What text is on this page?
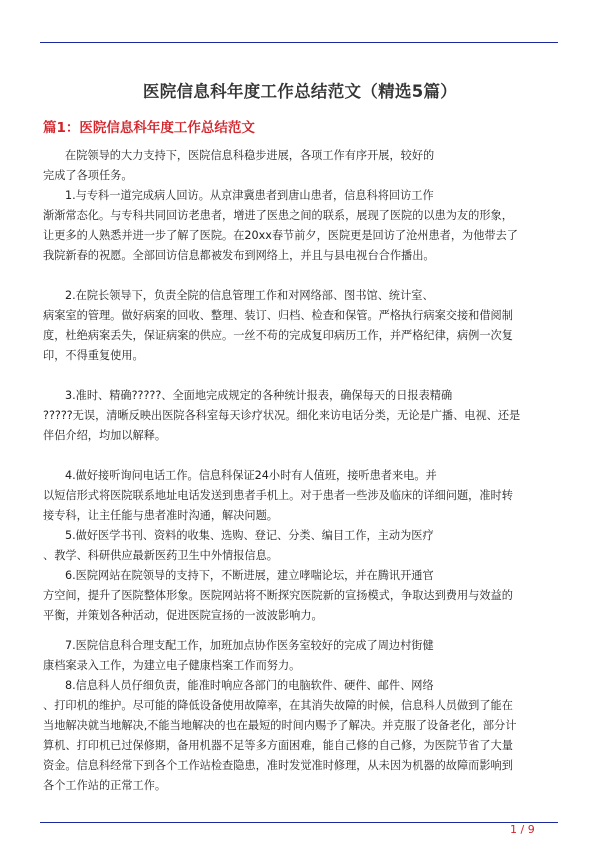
医院信息科年度工作总结范文（精选5篇）
篇1：医院信息科年度工作总结范文
在院领导的大力支持下，医院信息科稳步进展，各项工作有序开展，较好的
完成了各项任务。
1.与专科一道完成病人回访。从京津冀患者到唐山患者，信息科将回访工作
渐渐常态化。与专科共同回访老患者，增进了医患之间的联系，展现了医院的以患为友的形象，
让更多的人熟悉并进一步了解了医院。在20xx春节前夕，医院更是回访了沧州患者，为他带去了
我院新春的祝愿。全部回访信息都被发布到网络上，并且与县电视台合作播出。
2.在院长领导下，负责全院的信息管理工作和对网络部、图书馆、统计室、
病案室的管理。做好病案的回收、整理、装订、归档、检查和保管。严格执行病案交接和借阅制
度，杜绝病案丢失，保证病案的供应。一丝不苟的完成复印病历工作，并严格纪律，病例一次复
印，不得重复使用。
3.准时、精确?????、全面地完成规定的各种统计报表，确保每天的日报表精确
?????无误，清晰反映出医院各科室每天诊疗状况。细化来访电话分类，无论是广播、电视、还是
伴侣介绍，均加以解释。
4.做好接听询问电话工作。信息科保证24小时有人值班，接听患者来电。并
以短信形式将医院联系地址电话发送到患者手机上。对于患者一些涉及临床的详细问题，准时转
接专科，让主任能与患者准时沟通，解决问题。
5.做好医学书刊、资料的收集、选购、登记、分类、编目工作，主动为医疗
、教学、科研供应最新医药卫生中外情报信息。
6.医院网站在院领导的支持下，不断进展，建立哮喘论坛，并在腾讯开通官
方空间，提升了医院整体形象。医院网站将不断探究医院新的宣扬模式，争取达到费用与效益的
平衡，并策划各种活动，促进医院宣扬的一波波影响力。
7.医院信息科合理支配工作，加班加点协作医务室较好的完成了周边村街健
康档案录入工作，为建立电子健康档案工作而努力。
8.信息科人员仔细负责，能准时响应各部门的电脑软件、硬件、邮件、网络
、打印机的维护。尽可能的降低设备使用故障率，在其消失故障的时候，信息科人员做到了能在
当地解决就当地解决,不能当地解决的也在最短的时间内赐予了解决。并克服了设备老化，部分计
算机、打印机已过保修期，备用机器不足等多方面困难，能自己修的自己修，为医院节省了大量
资金。信息科经常下到各个工作站检查隐患，准时发觉准时修理，从未因为机器的故障而影响到
各个工作站的正常工作。
1 / 9
